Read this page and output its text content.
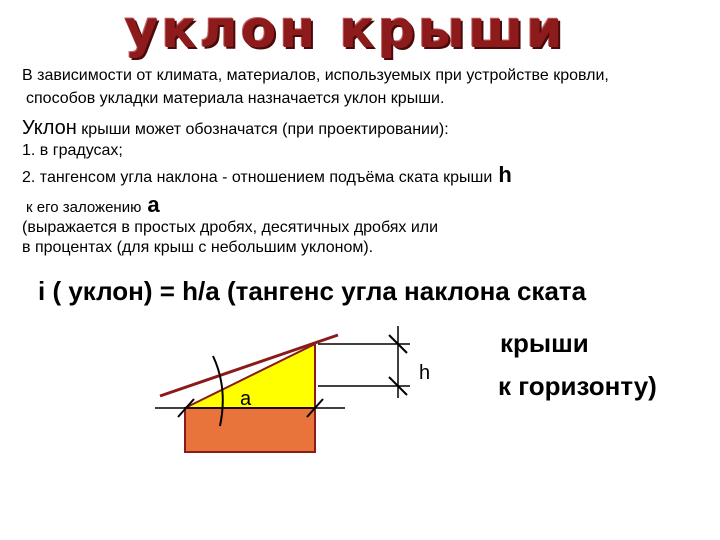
уклон крыши
В зависимости от климата, материалов, используемых при устройстве кровли,
способов укладки материала назначается уклон крыши.
Уклон крыши может обозначатся (при проектировании):
1. в градусах;
2. тангенсом угла наклона - отношением подъёма ската крыши h
к его заложению a
(выражается в простых дробях, десятичных дробях или
в процентах (для крыш с небольшим уклоном).
i ( уклон) = h/a (тангенс угла наклона ската
крыши
к горизонту)
a
h
